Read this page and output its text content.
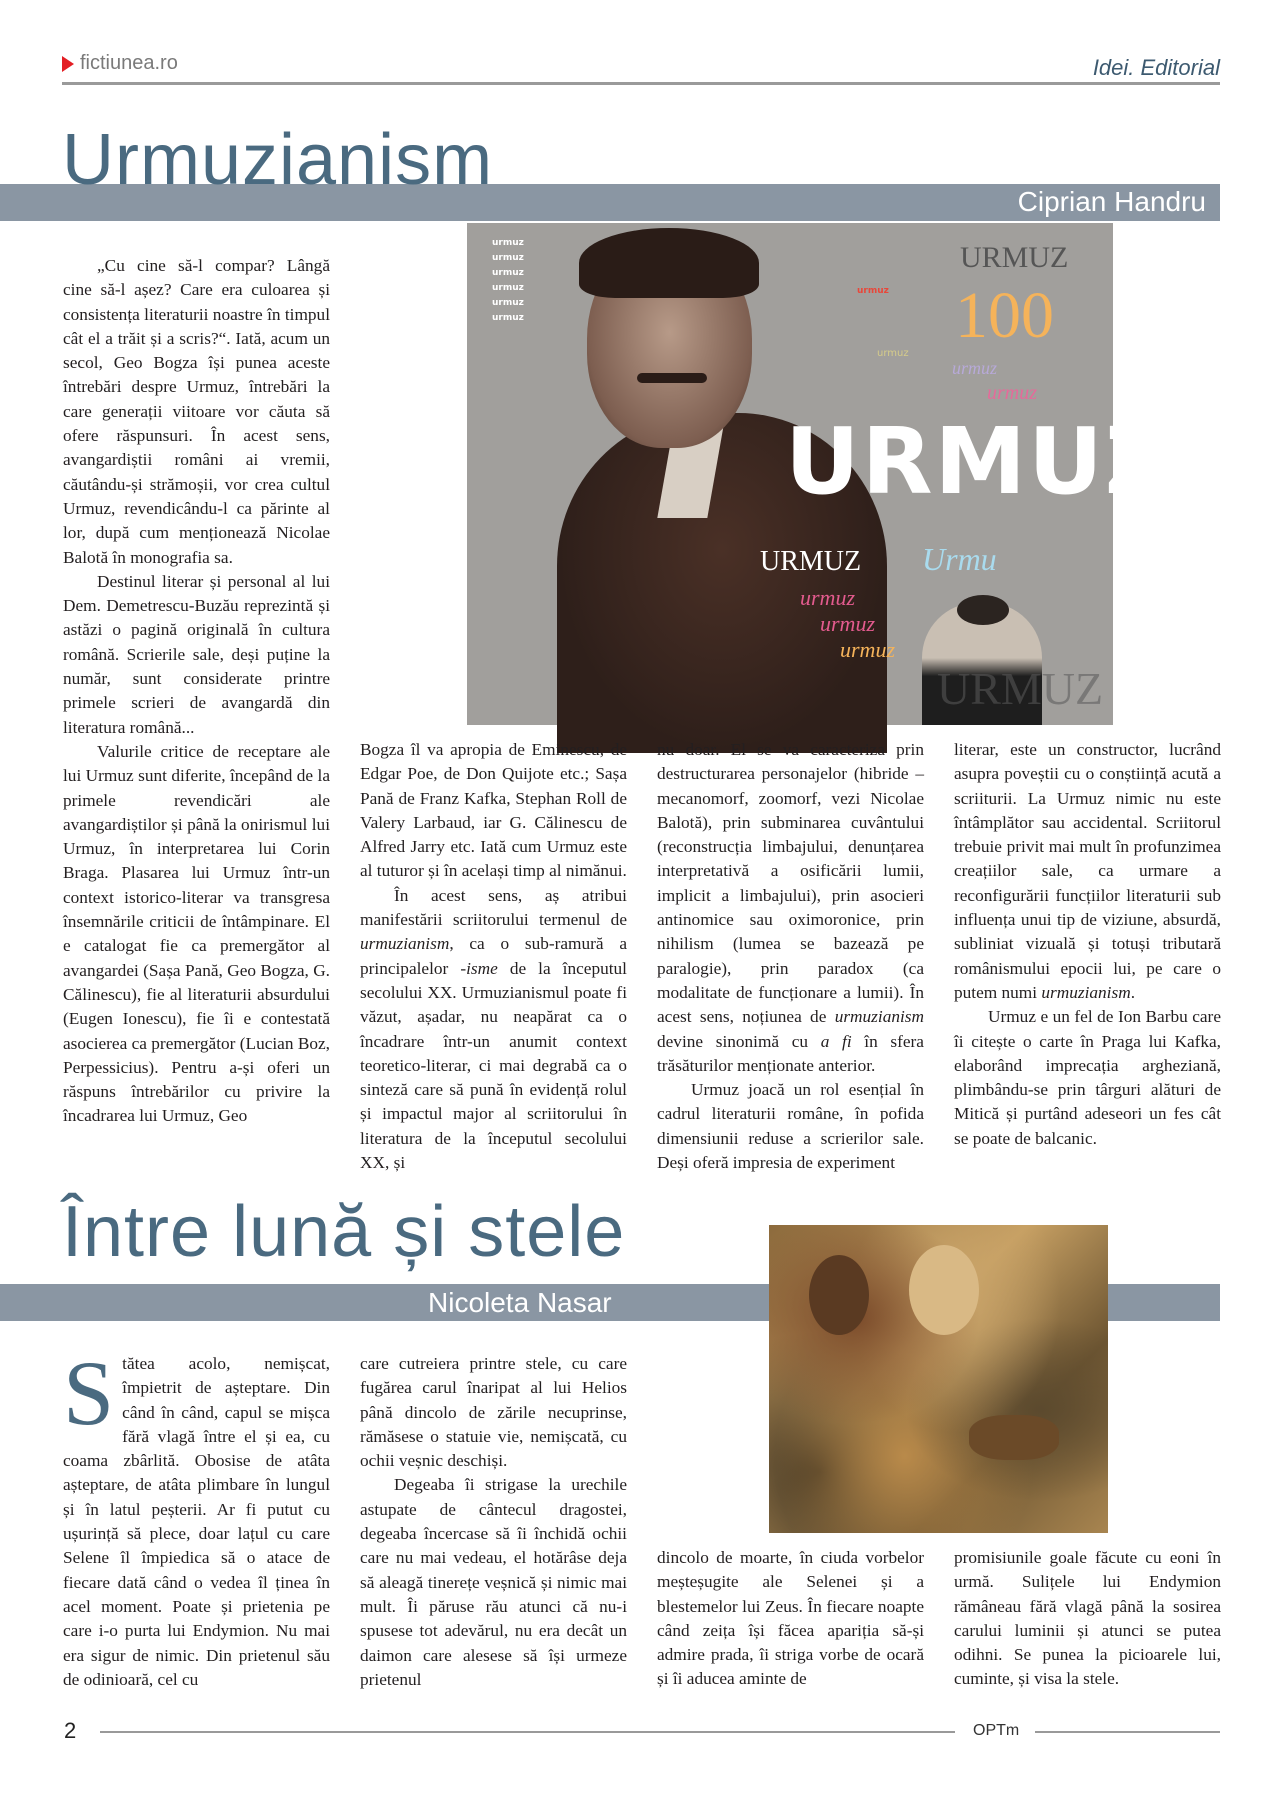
fictiunea.ro	Idei. Editorial
Urmuzianism
Ciprian Handru
urmuz
urmuz
urmuz
urmuz
urmuz
urmuz
URMUZ
100
urmuz
urmuz
urmuz
urmuz
URMUZ
URMUZ
urmuz
urmuz
urmuz
Urmu
URMUZ

„Cu cine să-l compar? Lângă cine să-l așez? Care era culoarea și consistența literaturii noastre în timpul cât el a trăit și a scris?“. Iată, acum un secol, Geo Bogza își punea aceste întrebări despre Urmuz, întrebări la care generații viitoare vor căuta să ofere răspunsuri. În acest sens, avangardiștii români ai vremii, căutându-și strămoșii, vor crea cultul Urmuz, revendicându-l ca părinte al lor, după cum menționează Nicolae Balotă în monografia sa.

Destinul literar și personal al lui Dem. Demetrescu-Buzău reprezintă și astăzi o pagină originală în cultura română. Scrierile sale, deși puține la număr, sunt considerate printre primele scrieri de avangardă din literatura română...

Valurile critice de receptare ale lui Urmuz sunt diferite, începând de la primele revendicări ale avangardiștilor și până la onirismul lui Urmuz, în interpretarea lui Corin Braga. Plasarea lui Urmuz într-un context istorico-literar va transgresa însemnările criticii de întâmpinare. El e catalogat fie ca premergător al avangardei (Sașa Pană, Geo Bogza, G. Călinescu), fie al literaturii absurdului (Eugen Ionescu), fie îi e contestată asocierea ca premergător (Lucian Boz, Perpessicius). Pentru a-și oferi un răspuns întrebărilor cu privire la încadrarea lui Urmuz, Geo

Bogza îl va apropia de Eminescu, de Edgar Poe, de Don Quijote etc.; Sașa Pană de Franz Kafka, Stephan Roll de Valery Larbaud, iar G. Călinescu de Alfred Jarry etc. Iată cum Urmuz este al tuturor și în același timp al nimănui.

În acest sens, aș atribui manifestării scriitorului termenul de urmuzianism, ca o sub-ramură a principalelor -isme de la începutul secolului XX. Urmuzianismul poate fi văzut, așadar, nu neapărat ca o încadrare într-un anumit context teoretico-literar, ci mai degrabă ca o sinteză care să pună în evidență rolul și impactul major al scriitorului în literatura de la începutul secolului XX, și

nu doar. El se va caracteriza prin destructurarea personajelor (hibride – mecanomorf, zoomorf, vezi Nicolae Balotă), prin subminarea cuvântului (reconstrucția limbajului, denunțarea interpretativă a osificării lumii, implicit a limbajului), prin asocieri antinomice sau oximoronice, prin nihilism (lumea se bazează pe paralogie), prin paradox (ca modalitate de funcționare a lumii). În acest sens, noțiunea de urmuzianism devine sinonimă cu a fi în sfera trăsăturilor menționate anterior.

Urmuz joacă un rol esențial în cadrul literaturii române, în pofida dimensiunii reduse a scrierilor sale. Deși oferă impresia de experiment

literar, este un constructor, lucrând asupra poveștii cu o conștiință acută a scriiturii. La Urmuz nimic nu este întâmplător sau accidental. Scriitorul trebuie privit mai mult în profunzimea creațiilor sale, ca urmare a reconfigurării funcțiilor literaturii sub influența unui tip de viziune, absurdă, subliniat vizuală și totuși tributară românismului epocii lui, pe care o putem numi urmuzianism.

Urmuz e un fel de Ion Barbu care îi citește o carte în Praga lui Kafka, elaborând imprecația argheziană, plimbându-se prin târguri alături de Mitică și purtând adeseori un fes cât se poate de balcanic.

Între lună și stele
Nicoleta Nasar
S tătea acolo, nemișcat, împietrit de așteptare. Din când în când, capul se mișca fără vlagă între el și ea, cu coama zbârlită. Obosise de atâta așteptare, de atâta plimbare în lungul și în latul peșterii. Ar fi putut cu ușurință să plece, doar lațul cu care Selene îl împiedica să o atace de fiecare dată când o vedea îl ținea în acel moment. Poate și prietenia pe care i-o purta lui Endymion. Nu mai era sigur de nimic. Din prietenul său de odinioară, cel cu

care cutreiera printre stele, cu care fugărea carul înaripat al lui Helios până dincolo de zările necuprinse, rămăsese o statuie vie, nemișcată, cu ochii veșnic deschiși.

Degeaba îi strigase la urechile astupate de cântecul dragostei, degeaba încercase să îi închidă ochii care nu mai vedeau, el hotărâse deja să aleagă tinerețe veșnică și nimic mai mult. Îi păruse rău atunci că nu-i spusese tot adevărul, nu era decât un daimon care alesese să își urmeze prietenul

dincolo de moarte, în ciuda vorbelor meșteșugite ale Selenei și a blestemelor lui Zeus. În fiecare noapte când zeița își făcea apariția să-și admire prada, îi striga vorbe de ocară și îi aducea aminte de

promisiunile goale făcute cu eoni în urmă. Sulițele lui Endymion rămâneau fără vlagă până la sosirea carului luminii și atunci se putea odihni. Se punea la picioarele lui, cuminte, și visa la stele.

2	OPTm
